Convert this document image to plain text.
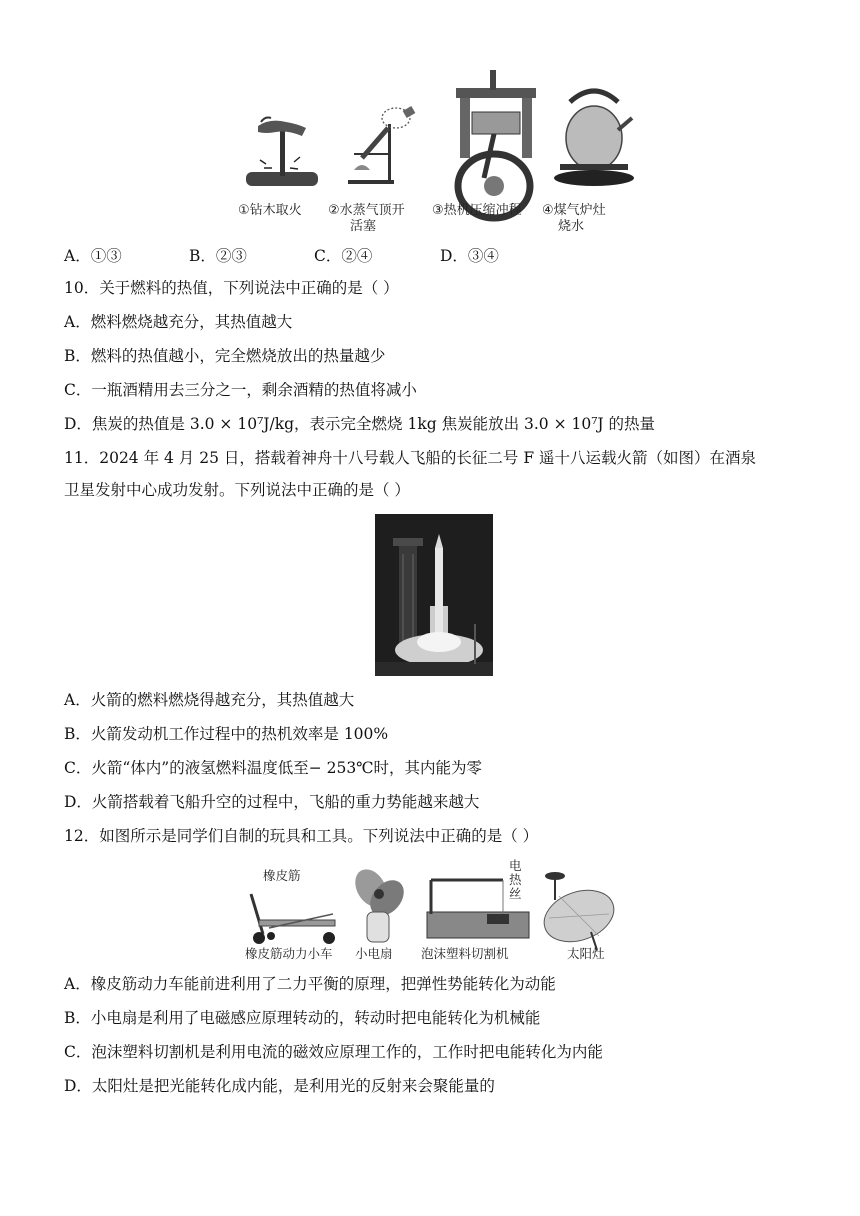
①钻木取火 ②水蒸气顶开
活塞
③热机压缩冲程 ④煤气炉灶
烧水
A．①③	B．②③	C．②④	D．③④
10．关于燃料的热值，下列说法中正确的是（ ）
A．燃料燃烧越充分，其热值越大
B．燃料的热值越小，完全燃烧放出的热量越少
C．一瓶酒精用去三分之一，剩余酒精的热值将减小
D．焦炭的热值是 3.0 × 10⁷J/kg，表示完全燃烧 1kg 焦炭能放出 3.0 × 10⁷J 的热量
11．2024 年 4 月 25 日，搭载着神舟十八号载人飞船的长征二号 F 遥十八运载火箭（如图）在酒泉
卫星发射中心成功发射。下列说法中正确的是（ ）
A．火箭的燃料燃烧得越充分，其热值越大
B．火箭发动机工作过程中的热机效率是 100%
C．火箭“体内”的液氢燃料温度低至− 253℃时，其内能为零
D．火箭搭载着飞船升空的过程中，飞船的重力势能越来越大
12．如图所示是同学们自制的玩具和工具。下列说法中正确的是（ ）
橡皮筋
电
热
丝
橡皮筋动力小车 小电扇 泡沫塑料切割机	太阳灶
A．橡皮筋动力车能前进利用了二力平衡的原理，把弹性势能转化为动能
B．小电扇是利用了电磁感应原理转动的，转动时把电能转化为机械能
C．泡沫塑料切割机是利用电流的磁效应原理工作的，工作时把电能转化为内能
D．太阳灶是把光能转化成内能，是利用光的反射来会聚能量的
